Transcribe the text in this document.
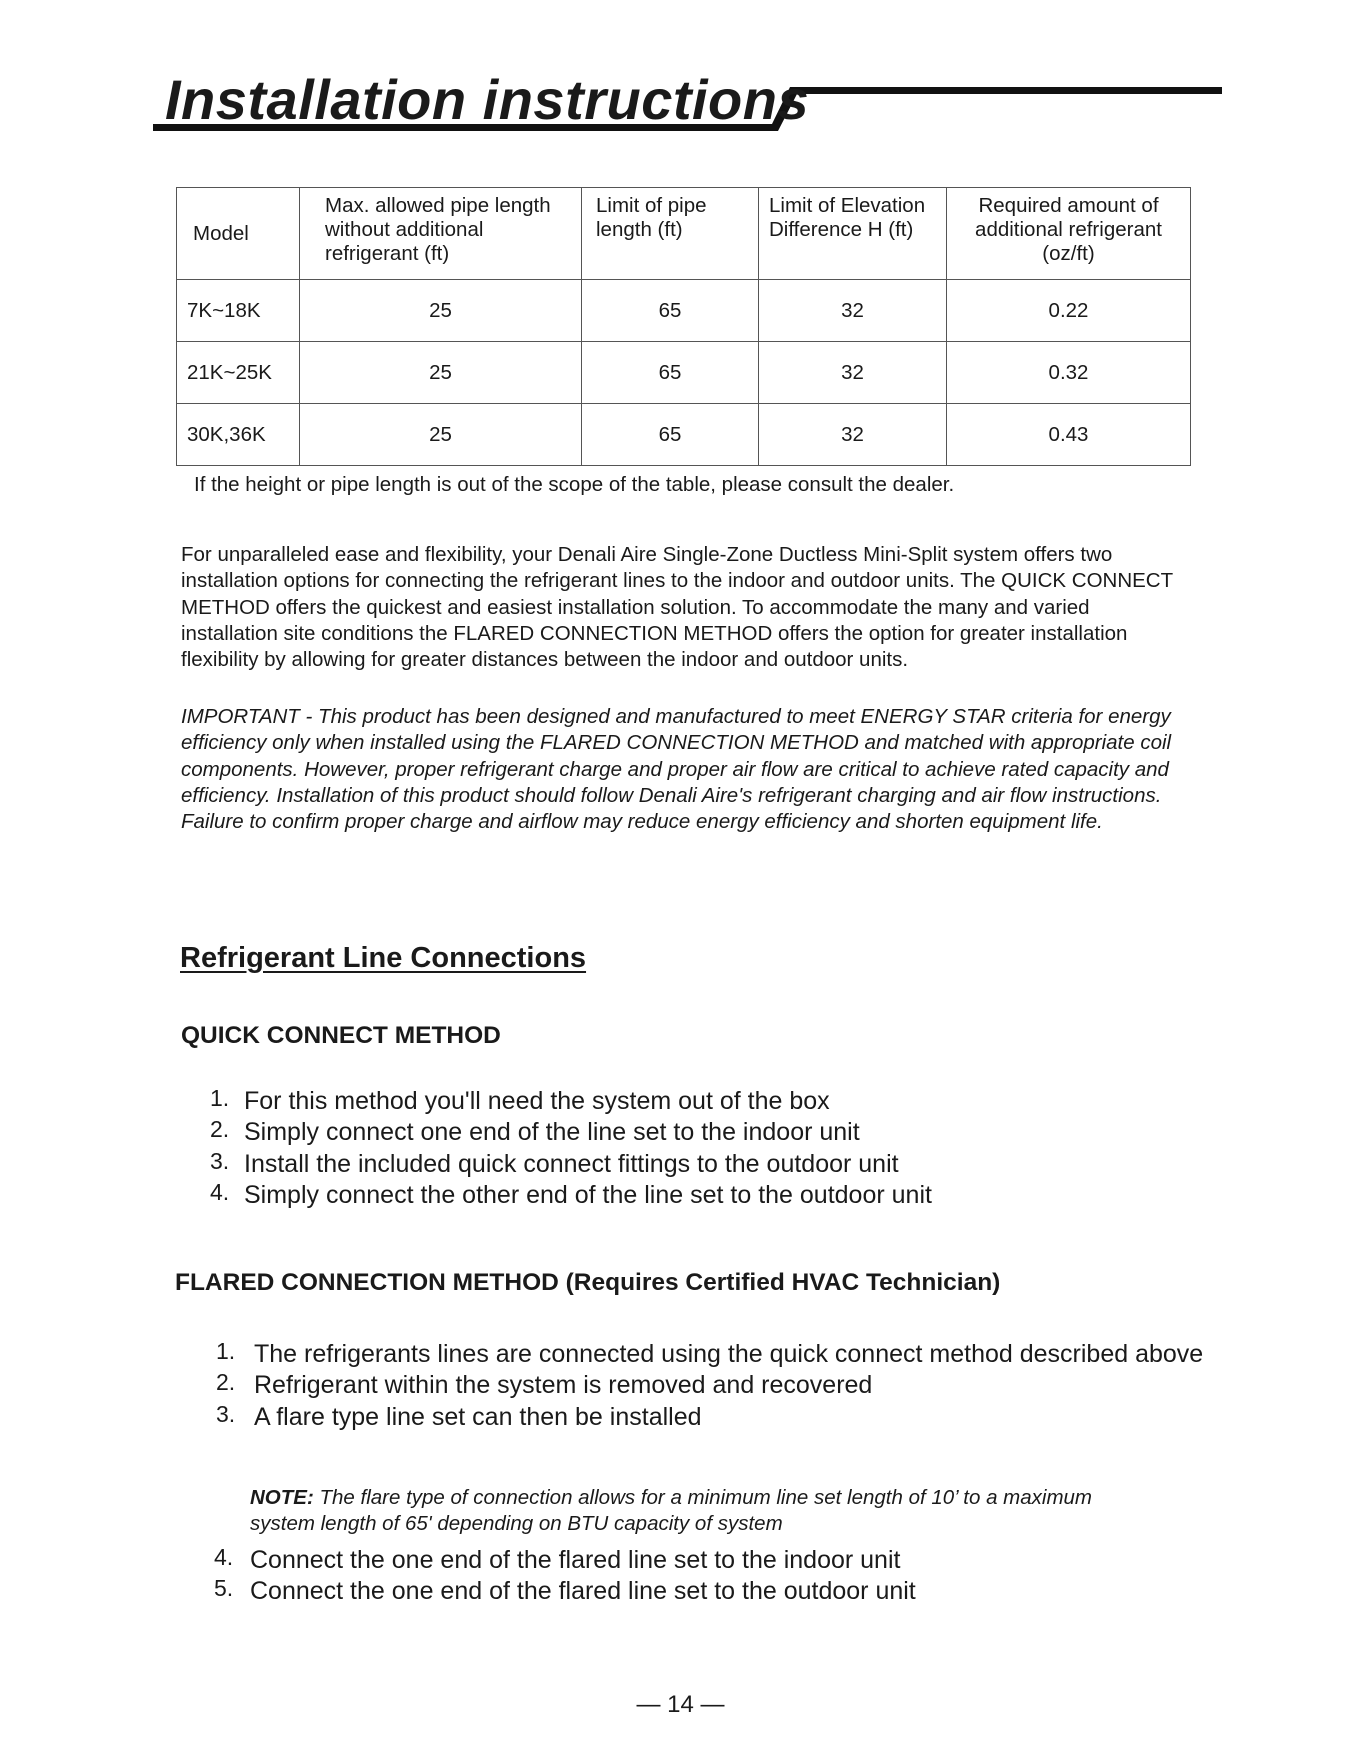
Installation instructions
Model	Max. allowed pipe length without additional refrigerant (ft)	Limit of pipe length (ft)	Limit of Elevation Difference H (ft)	Required amount of additional refrigerant (oz/ft)
7K~18K	25	65	32	0.22
21K~25K	25	65	32	0.32
30K,36K	25	65	32	0.43

If the height or pipe length is out of the scope of the table, please consult the dealer.

For unparalleled ease and flexibility, your Denali Aire Single-Zone Ductless Mini-Split system offers two installation options for connecting the refrigerant lines to the indoor and outdoor units. The QUICK CONNECT METHOD offers the quickest and easiest installation solution. To accommodate the many and varied installation site conditions the FLARED CONNECTION METHOD offers the option for greater installation flexibility by allowing for greater distances between the indoor and outdoor units.

IMPORTANT - This product has been designed and manufactured to meet ENERGY STAR criteria for energy efficiency only when installed using the FLARED CONNECTION METHOD and matched with appropriate coil components. However, proper refrigerant charge and proper air flow are critical to achieve rated capacity and efficiency. Installation of this product should follow Denali Aire's refrigerant charging and air flow instructions. Failure to confirm proper charge and airflow may reduce energy efficiency and shorten equipment life.

Refrigerant Line Connections
QUICK CONNECT METHOD
1. For this method you'll need the system out of the box
2. Simply connect one end of the line set to the indoor unit
3. Install the included quick connect fittings to the outdoor unit
4. Simply connect the other end of the line set to the outdoor unit
FLARED CONNECTION METHOD (Requires Certified HVAC Technician)
1. The refrigerants lines are connected using the quick connect method described above
2. Refrigerant within the system is removed and recovered
3. A flare type line set can then be installed

NOTE: The flare type of connection allows for a minimum line set length of 10’ to a maximum system length of 65' depending on BTU capacity of system

4. Connect the one end of the flared line set to the indoor unit
5. Connect the one end of the flared line set to the outdoor unit

— 14 —
